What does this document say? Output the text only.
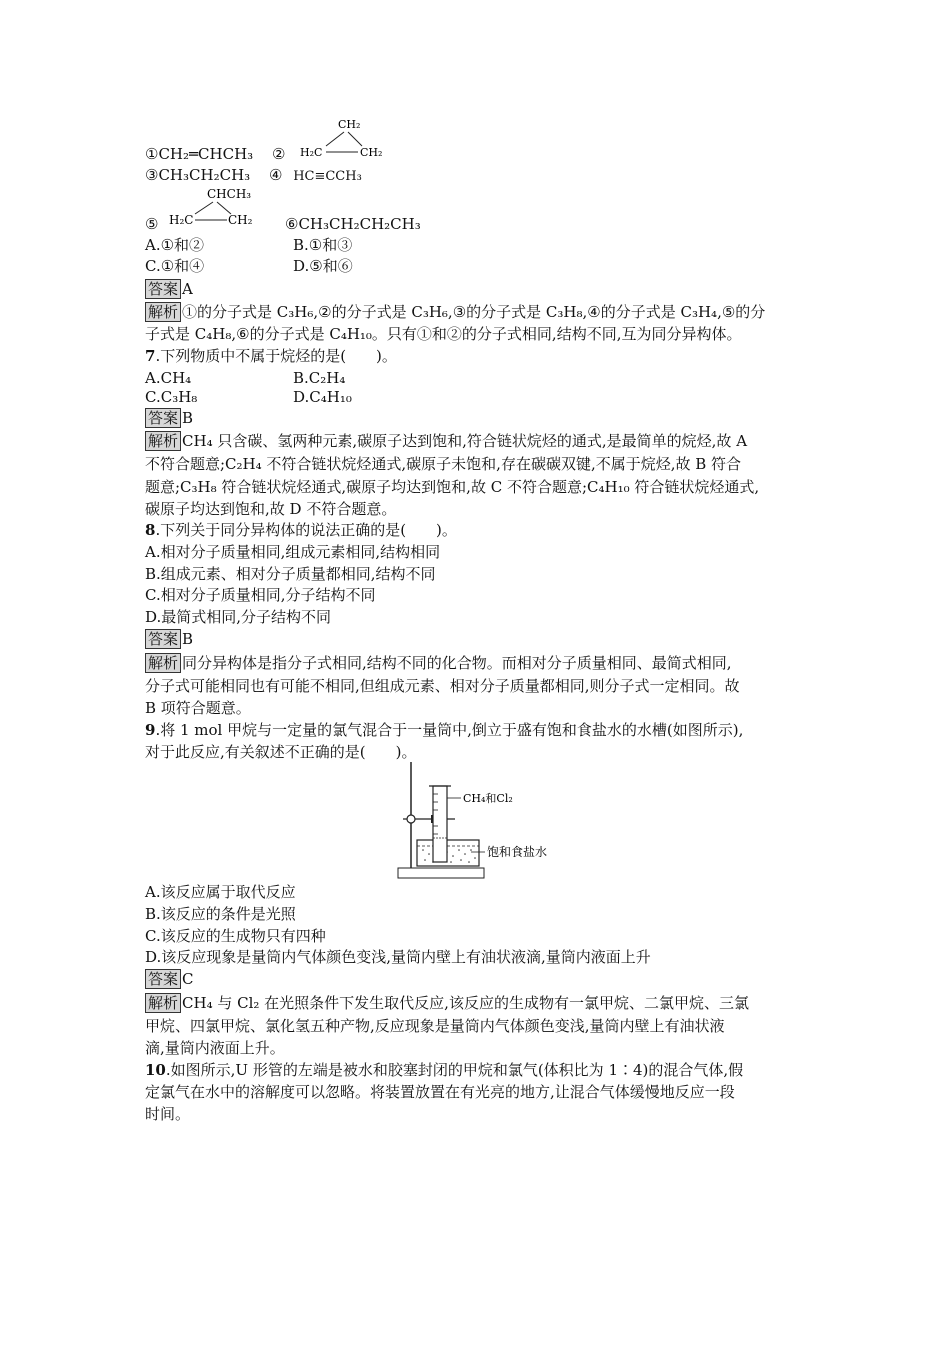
CH₂
H₂C	CH₂
①CH₂═CHCH₃ ②
③CH₃CH₂CH₃ ④ HC≡CCH₃
CHCH₃
H₂C	CH₂
⑤	⑥CH₃CH₂CH₂CH₃
A.①和②	B.①和③
C.①和④	D.⑤和⑥
答案 A
解析 ①的分子式是 C₃H₆,②的分子式是 C₃H₆,③的分子式是 C₃H₈,④的分子式是 C₃H₄,⑤的分
子式是 C₄H₈,⑥的分子式是 C₄H₁₀。只有①和②的分子式相同,结构不同,互为同分异构体。
7.下列物质中不属于烷烃的是(　　)。
A.CH₄	B.C₂H₄
C.C₃H₈	D.C₄H₁₀
答案 B
解析 CH₄ 只含碳、氢两种元素,碳原子达到饱和,符合链状烷烃的通式,是最简单的烷烃,故 A
不符合题意;C₂H₄ 不符合链状烷烃通式,碳原子未饱和,存在碳碳双键,不属于烷烃,故 B 符合
题意;C₃H₈ 符合链状烷烃通式,碳原子均达到饱和,故 C 不符合题意;C₄H₁₀ 符合链状烷烃通式,
碳原子均达到饱和,故 D 不符合题意。
8.下列关于同分异构体的说法正确的是(　　)。
A.相对分子质量相同,组成元素相同,结构相同
B.组成元素、相对分子质量都相同,结构不同
C.相对分子质量相同,分子结构不同
D.最简式相同,分子结构不同
答案 B
解析 同分异构体是指分子式相同,结构不同的化合物。而相对分子质量相同、最简式相同,
分子式可能相同也有可能不相同,但组成元素、相对分子质量都相同,则分子式一定相同。故
B 项符合题意。
9.将 1 mol 甲烷与一定量的氯气混合于一量筒中,倒立于盛有饱和食盐水的水槽(如图所示),
对于此反应,有关叙述不正确的是(　　)。
CH₄和Cl₂
饱和食盐水
A.该反应属于取代反应
B.该反应的条件是光照
C.该反应的生成物只有四种
D.该反应现象是量筒内气体颜色变浅,量筒内壁上有油状液滴,量筒内液面上升
答案 C
解析 CH₄ 与 Cl₂ 在光照条件下发生取代反应,该反应的生成物有一氯甲烷、二氯甲烷、三氯
甲烷、四氯甲烷、氯化氢五种产物,反应现象是量筒内气体颜色变浅,量筒内壁上有油状液
滴,量筒内液面上升。
10.如图所示,U 形管的左端是被水和胶塞封闭的甲烷和氯气(体积比为 1∶4)的混合气体,假
定氯气在水中的溶解度可以忽略。将装置放置在有光亮的地方,让混合气体缓慢地反应一段
时间。
